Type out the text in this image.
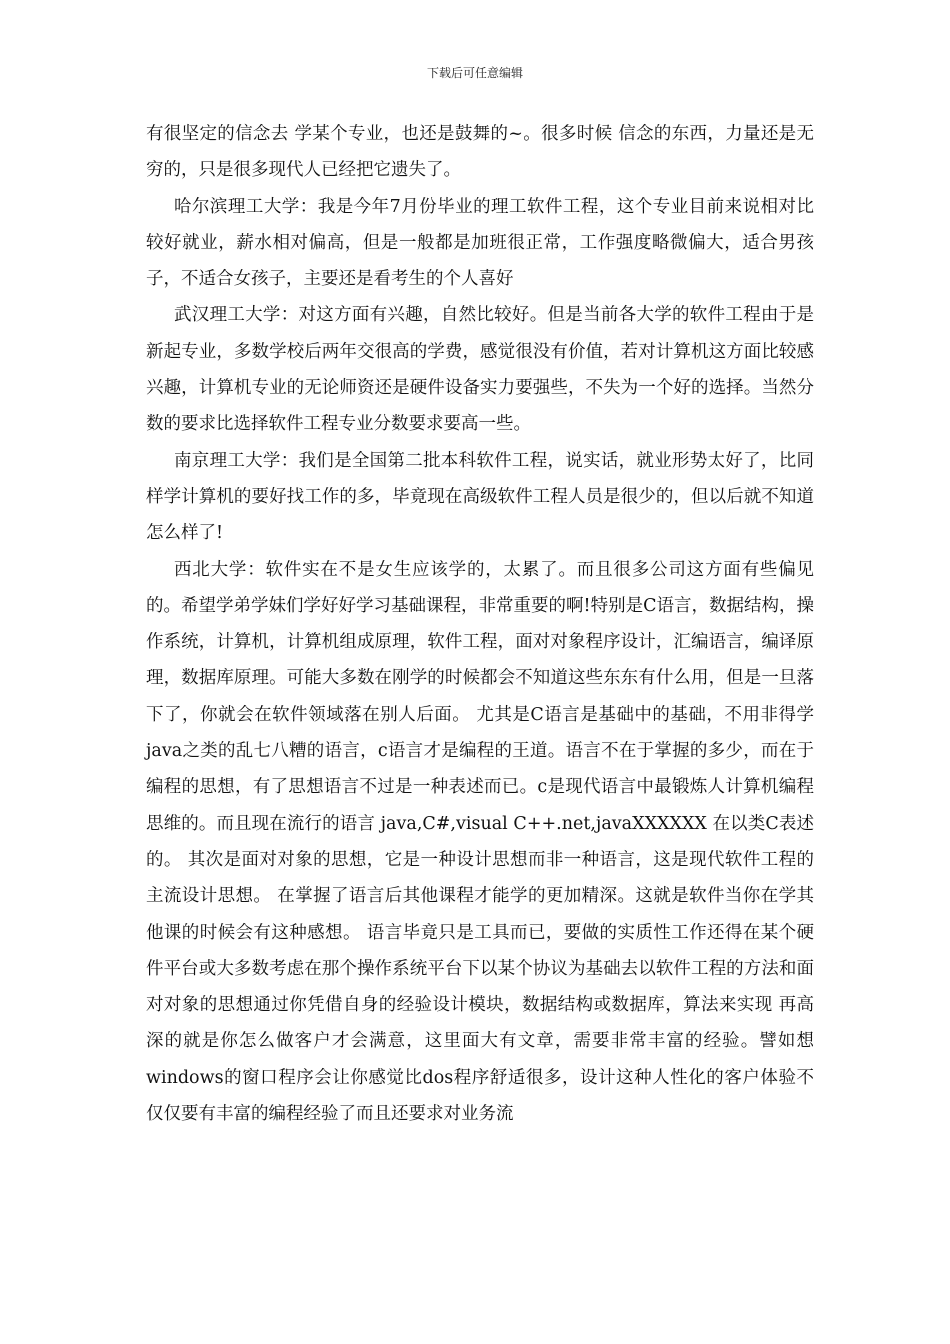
下载后可任意编辑

有很坚定的信念去 学某个专业，也还是鼓舞的~。很多时候 信念的东西，力量还是无穷的，只是很多现代人已经把它遗失了。

哈尔滨理工大学：我是今年7月份毕业的理工软件工程，这个专业目前来说相对比较好就业，薪水相对偏高，但是一般都是加班很正常，工作强度略微偏大，适合男孩子，不适合女孩子，主要还是看考生的个人喜好

武汉理工大学：对这方面有兴趣，自然比较好。但是当前各大学的软件工程由于是新起专业，多数学校后两年交很高的学费，感觉很没有价值，若对计算机这方面比较感兴趣，计算机专业的无论师资还是硬件设备实力要强些，不失为一个好的选择。当然分数的要求比选择软件工程专业分数要求要高一些。

南京理工大学：我们是全国第二批本科软件工程，说实话，就业形势太好了，比同样学计算机的要好找工作的多，毕竟现在高级软件工程人员是很少的，但以后就不知道怎么样了!

西北大学：软件实在不是女生应该学的，太累了。而且很多公司这方面有些偏见的。希望学弟学妹们学好好学习基础课程，非常重要的啊!特别是C语言，数据结构，操作系统，计算机，计算机组成原理，软件工程，面对对象程序设计，汇编语言，编译原理，数据库原理。可能大多数在刚学的时候都会不知道这些东东有什么用，但是一旦落下了，你就会在软件领域落在别人后面。 尤其是C语言是基础中的基础，不用非得学 java之类的乱七八糟的语言，c语言才是编程的王道。语言不在于掌握的多少，而在于编程的思想，有了思想语言不过是一种表述而已。c是现代语言中最锻炼人计算机编程思维的。而且现在流行的语言 java,C#,visual C++.net,javaXXXXXX 在以类C表述的。 其次是面对对象的思想，它是一种设计思想而非一种语言，这是现代软件工程的主流设计思想。 在掌握了语言后其他课程才能学的更加精深。这就是软件当你在学其他课的时候会有这种感想。 语言毕竟只是工具而已，要做的实质性工作还得在某个硬件平台或大多数考虑在那个操作系统平台下以某个协议为基础去以软件工程的方法和面对对象的思想通过你凭借自身的经验设计模块，数据结构或数据库，算法来实现 再高深的就是你怎么做客户才会满意，这里面大有文章，需要非常丰富的经验。譬如想windows的窗口程序会让你感觉比dos程序舒适很多，设计这种人性化的客户体验不仅仅要有丰富的编程经验了而且还要求对业务流
